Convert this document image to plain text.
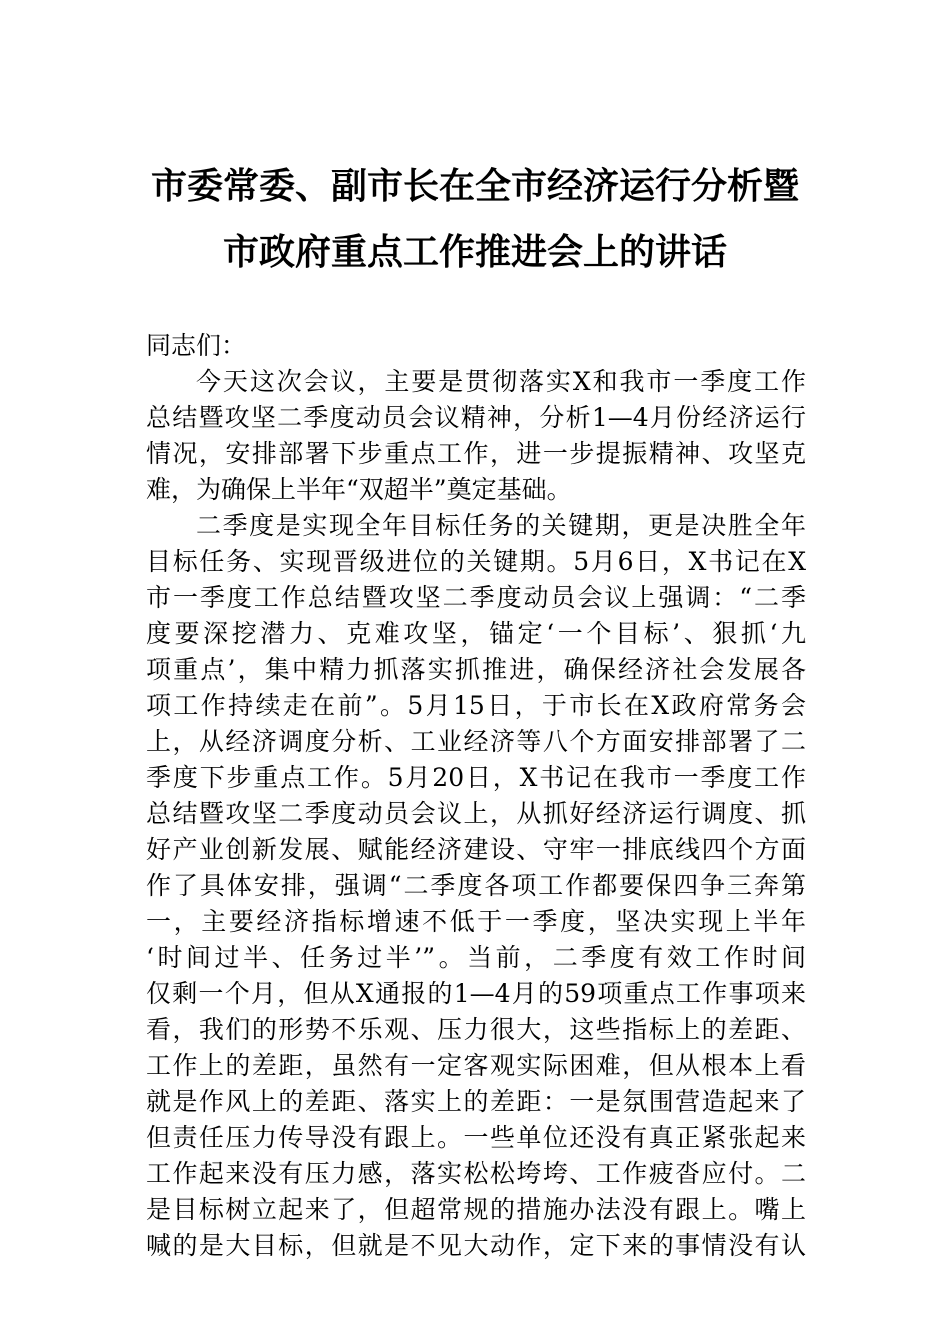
市委常委、副市长在全市经济运行分析暨
市政府重点工作推进会上的讲话
同志们：
今天这次会议，主要是贯彻落实X和我市一季度工作
总结暨攻坚二季度动员会议精神，分析1—4月份经济运行
情况，安排部署下步重点工作，进一步提振精神、攻坚克
难，为确保上半年“双超半”奠定基础。
二季度是实现全年目标任务的关键期，更是决胜全年
目标任务、实现晋级进位的关键期。5月6日，X书记在X
市一季度工作总结暨攻坚二季度动员会议上强调：“二季
度要深挖潜力、克难攻坚，锚定‘一个目标’、狠抓‘九
项重点’，集中精力抓落实抓推进，确保经济社会发展各
项工作持续走在前”。5月15日，于市长在X政府常务会
上，从经济调度分析、工业经济等八个方面安排部署了二
季度下步重点工作。5月20日，X书记在我市一季度工作
总结暨攻坚二季度动员会议上，从抓好经济运行调度、抓
好产业创新发展、赋能经济建设、守牢一排底线四个方面
作了具体安排，强调“二季度各项工作都要保四争三奔第
一，主要经济指标增速不低于一季度，坚决实现上半年
‘时间过半、任务过半’”。当前，二季度有效工作时间
仅剩一个月，但从X通报的1—4月的59项重点工作事项来
看，我们的形势不乐观、压力很大，这些指标上的差距、
工作上的差距，虽然有一定客观实际困难，但从根本上看
就是作风上的差距、落实上的差距：一是氛围营造起来了
但责任压力传导没有跟上。一些单位还没有真正紧张起来
工作起来没有压力感，落实松松垮垮、工作疲沓应付。二
是目标树立起来了，但超常规的措施办法没有跟上。嘴上
喊的是大目标，但就是不见大动作，定下来的事情没有认
